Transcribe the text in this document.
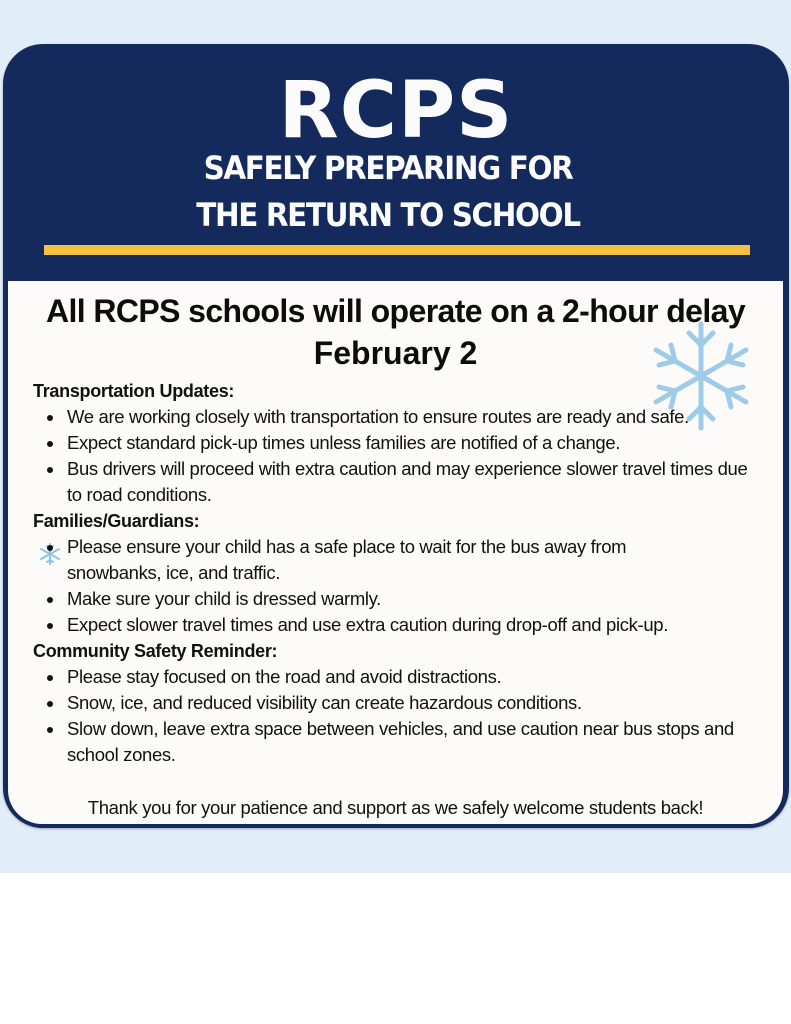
RCPS
SAFELY PREPARING FOR
THE RETURN TO SCHOOL
All RCPS schools will operate on a 2-hour delay
February 2
Transportation Updates:
• We are working closely with transportation to ensure routes are ready and safe.
• Expect standard pick-up times unless families are notified of a change.
• Bus drivers will proceed with extra caution and may experience slower travel times due to road conditions.
Families/Guardians:
• Please ensure your child has a safe place to wait for the bus away from snowbanks, ice, and traffic.
• Make sure your child is dressed warmly.
• Expect slower travel times and use extra caution during drop-off and pick-up.
Community Safety Reminder:
• Please stay focused on the road and avoid distractions.
• Snow, ice, and reduced visibility can create hazardous conditions.
• Slow down, leave extra space between vehicles, and use caution near bus stops and school zones.
Thank you for your patience and support as we safely welcome students back!
